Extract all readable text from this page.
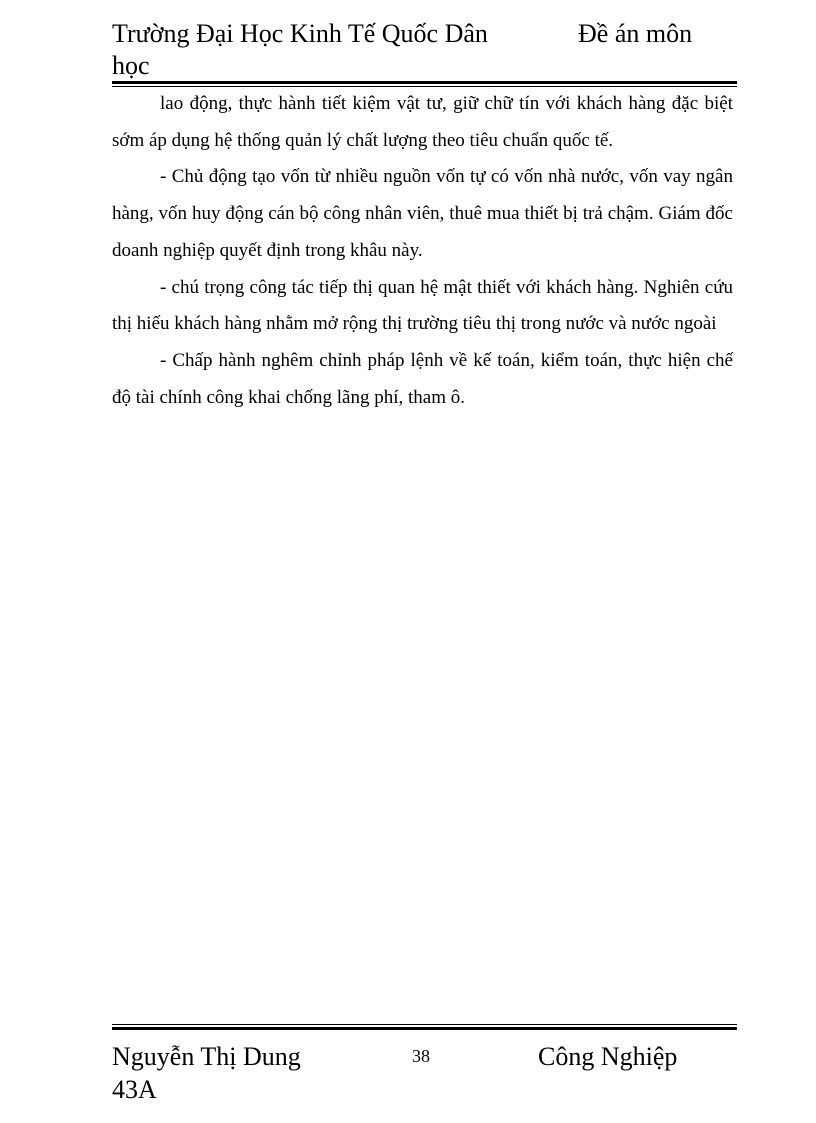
Trường Đại Học Kinh Tế Quốc Dân	Đề án môn
học

lao động, thực hành tiết kiệm vật tư, giữ chữ tín với khách hàng đặc biệt sớm áp dụng hệ thống quản lý chất lượng theo tiêu chuẩn quốc tế.

- Chủ động tạo vốn từ nhiều nguồn vốn tự có vốn nhà nước, vốn vay ngân hàng, vốn huy động cán bộ công nhân viên, thuê mua thiết bị trả chậm. Giám đốc doanh nghiệp quyết định trong khâu này.

- chú trọng công tác tiếp thị quan hệ mật thiết với khách hàng. Nghiên cứu thị hiếu khách hàng nhằm mở rộng thị trường tiêu thị trong nước và nước ngoài

- Chấp hành nghêm chỉnh pháp lệnh về kế toán, kiểm toán, thực hiện chế độ tài chính công khai chống lãng phí, tham ô.

Nguyễn Thị Dung
43A
38	Công Nghiệp
